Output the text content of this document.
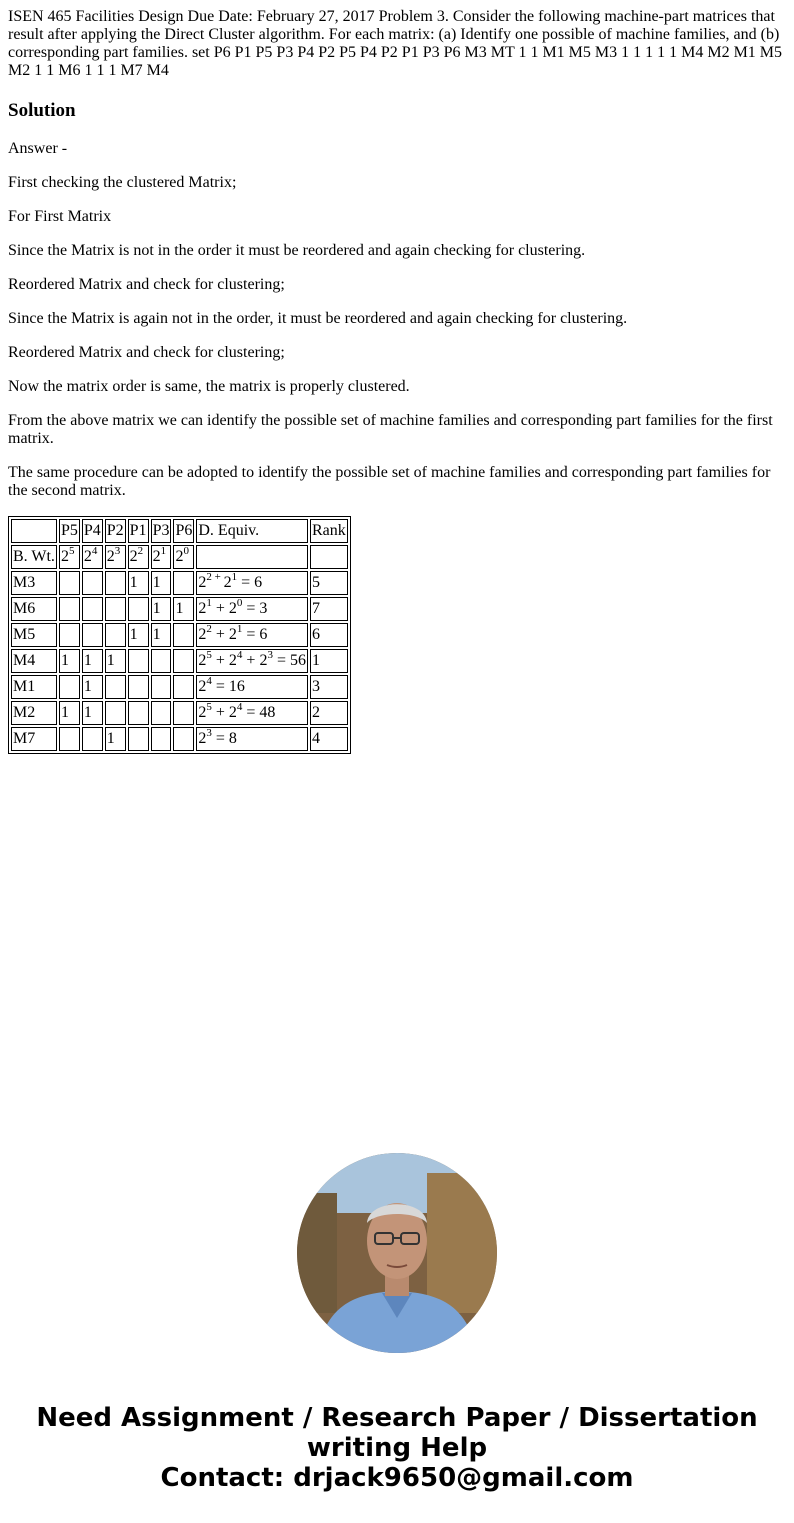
ISEN 465 Facilities Design Due Date: February 27, 2017 Problem 3. Consider the following machine-part matrices that result after applying the Direct Cluster algorithm. For each matrix: (a) Identify one possible of machine families, and (b) corresponding part families. set P6 P1 P5 P3 P4 P2 P5 P4 P2 P1 P3 P6 M3 MT 1 1 M1 M5 M3 1 1 1 1 1 M4 M2 M1 M5 M2 1 1 M6 1 1 1 M7 M4

Solution

Answer -

First checking the clustered Matrix;

For First Matrix

Since the Matrix is not in the order it must be reordered and again checking for clustering.

Reordered Matrix and check for clustering;

Since the Matrix is again not in the order, it must be reordered and again checking for clustering.

Reordered Matrix and check for clustering;

Now the matrix order is same, the matrix is properly clustered.

From the above matrix we can identify the possible set of machine families and corresponding part families for the first matrix.

The same procedure can be adopted to identify the possible set of machine families and corresponding part families for the second matrix.

	P5	P4	P2	P1	P3	P6	D. Equiv.	Rank
B. Wt.	$2^5$	$2^4$	$2^3$	$2^2$	$2^1$	$2^0$		
M3				1	1		$2^2$ + $2^1 = 6$	5
M6					1	1	$2^1 + 2^0 = 3$	7
M5				1	1		$2^2 + 2^1 = 6$	6
M4	1	1	1				$2^5 + 2^4 + 2^3 = 56$	1
M1		1					$2^4 = 16$	3
M2	1	1					$2^5 + 2^4 = 48$	2
M7			1				$2^3 = 8$	4
Need Assignment / Research Paper / Dissertation
writing Help
Contact: drjack9650@gmail.com
